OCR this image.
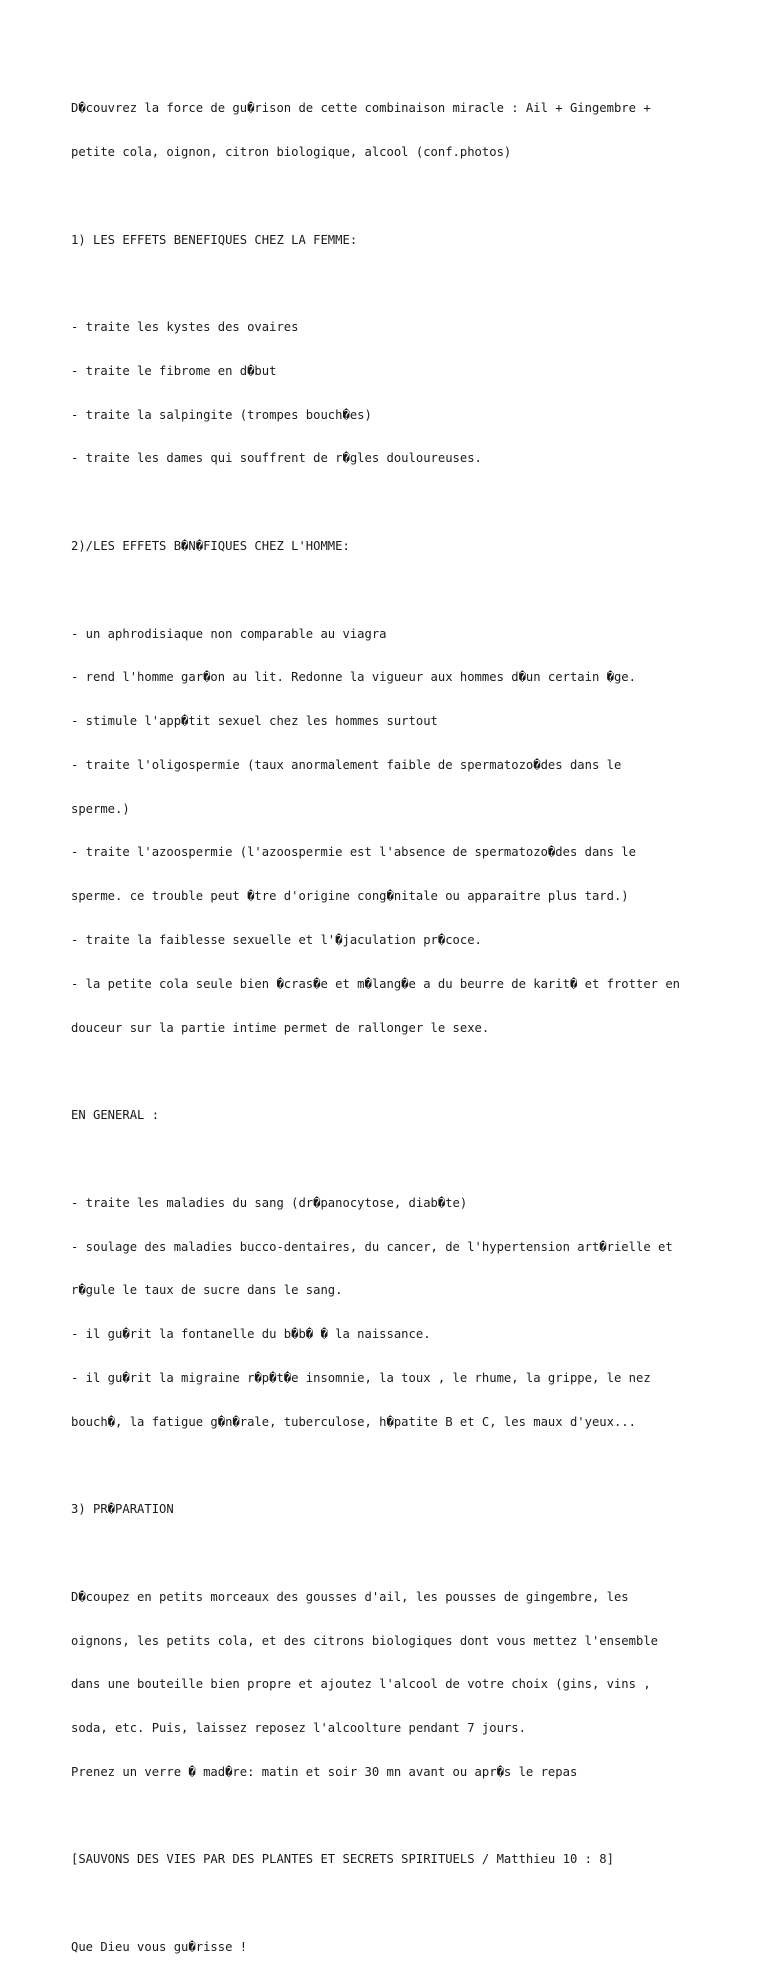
D�couvrez la force de gu�rison de cette combinaison miracle : Ail + Gingembre +

petite cola, oignon, citron biologique, alcool (conf.photos)

1) LES EFFETS BENEFIQUES CHEZ LA FEMME:

- traite les kystes des ovaires

- traite le fibrome en d�but

- traite la salpingite (trompes bouch�es)

- traite les dames qui souffrent de r�gles douloureuses.

2)/LES EFFETS B�N�FIQUES CHEZ L'HOMME:

- un aphrodisiaque non comparable au viagra

- rend l'homme gar�on au lit. Redonne la vigueur aux hommes d�un certain �ge.

- stimule l'app�tit sexuel chez les hommes surtout

- traite l'oligospermie (taux anormalement faible de spermatozo�des dans le

sperme.)

- traite l'azoospermie (l'azoospermie est l'absence de spermatozo�des dans le

sperme. ce trouble peut �tre d'origine cong�nitale ou apparaitre plus tard.)

- traite la faiblesse sexuelle et l'�jaculation pr�coce.

- la petite cola seule bien �cras�e et m�lang�e a du beurre de karit� et frotter en

douceur sur la partie intime permet de rallonger le sexe.

EN GENERAL :

- traite les maladies du sang (dr�panocytose, diab�te)

- soulage des maladies bucco-dentaires, du cancer, de l'hypertension art�rielle et

r�gule le taux de sucre dans le sang.

- il gu�rit la fontanelle du b�b� � la naissance.

- il gu�rit la migraine r�p�t�e insomnie, la toux , le rhume, la grippe, le nez

bouch�, la fatigue g�n�rale, tuberculose, h�patite B et C, les maux d'yeux...

3) PR�PARATION

D�coupez en petits morceaux des gousses d'ail, les pousses de gingembre, les

oignons, les petits cola, et des citrons biologiques dont vous mettez l'ensemble

dans une bouteille bien propre et ajoutez l'alcool de votre choix (gins, vins ,

soda, etc. Puis, laissez reposez l'alcoolture pendant 7 jours.

Prenez un verre � mad�re: matin et soir 30 mn avant ou apr�s le repas

[SAUVONS DES VIES PAR DES PLANTES ET SECRETS SPIRITUELS / Matthieu 10 : 8]

Que Dieu vous gu�risse !
